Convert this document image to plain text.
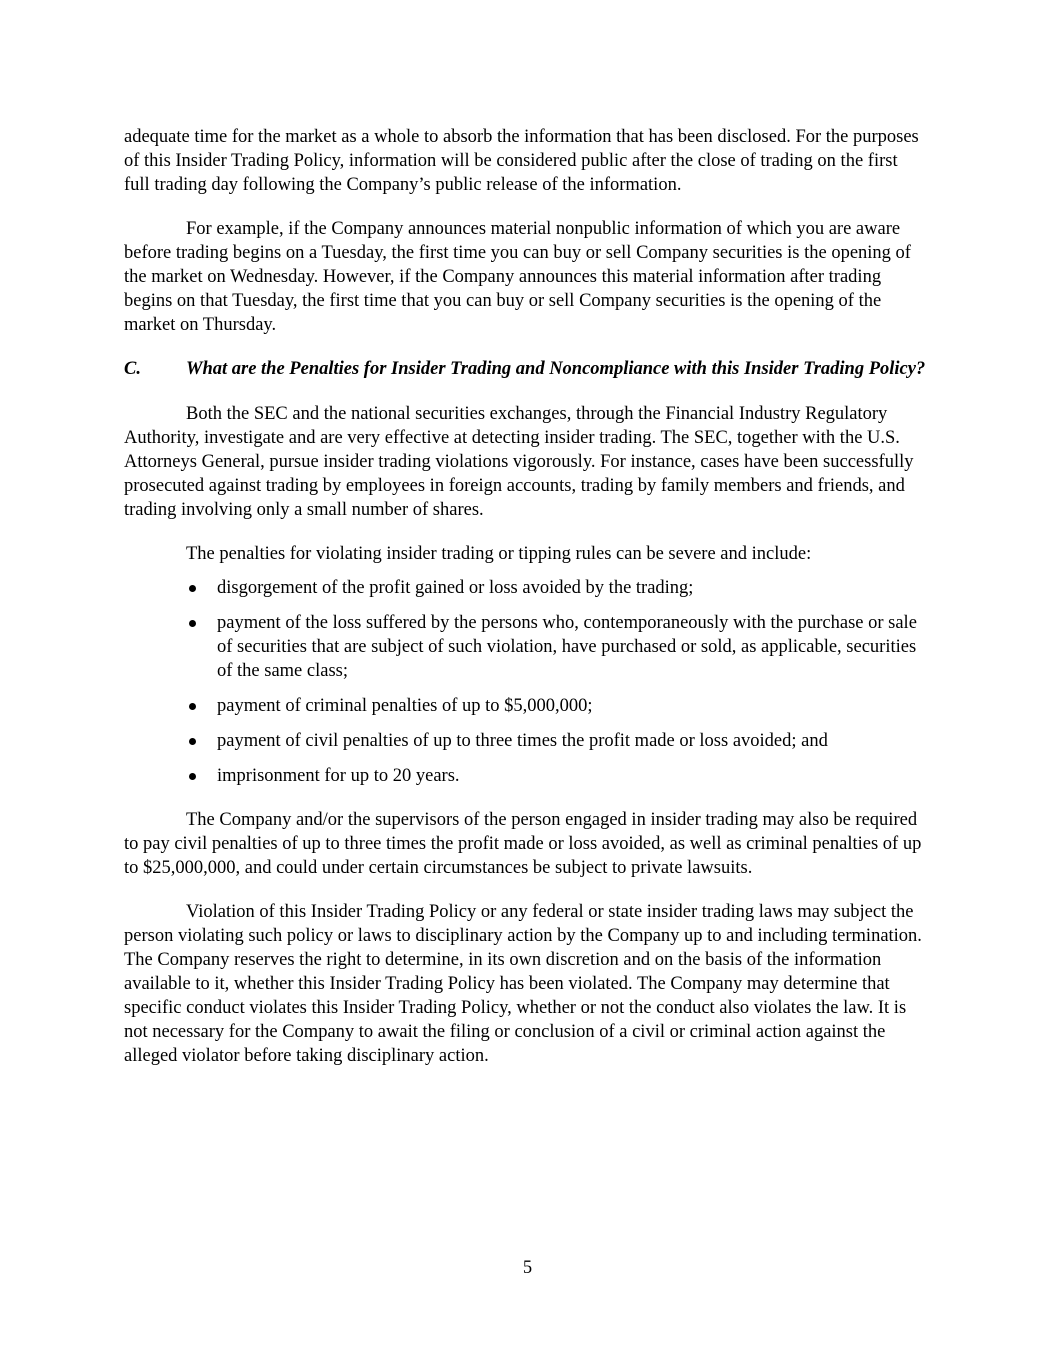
adequate time for the market as a whole to absorb the information that has been disclosed. For the purposes of this Insider Trading Policy, information will be considered public after the close of trading on the first full trading day following the Company’s public release of the information.

For example, if the Company announces material nonpublic information of which you are aware before trading begins on a Tuesday, the first time you can buy or sell Company securities is the opening of the market on Wednesday. However, if the Company announces this material information after trading begins on that Tuesday, the first time that you can buy or sell Company securities is the opening of the market on Thursday.

C.	What are the Penalties for Insider Trading and Noncompliance with this Insider Trading Policy?

Both the SEC and the national securities exchanges, through the Financial Industry Regulatory Authority, investigate and are very effective at detecting insider trading. The SEC, together with the U.S. Attorneys General, pursue insider trading violations vigorously. For instance, cases have been successfully prosecuted against trading by employees in foreign accounts, trading by family members and friends, and trading involving only a small number of shares.

The penalties for violating insider trading or tipping rules can be severe and include:

disgorgement of the profit gained or loss avoided by the trading;
payment of the loss suffered by the persons who, contemporaneously with the purchase or sale of securities that are subject of such violation, have purchased or sold, as applicable, securities of the same class;
payment of criminal penalties of up to $5,000,000;
payment of civil penalties of up to three times the profit made or loss avoided; and
imprisonment for up to 20 years.

The Company and/or the supervisors of the person engaged in insider trading may also be required to pay civil penalties of up to three times the profit made or loss avoided, as well as criminal penalties of up to $25,000,000, and could under certain circumstances be subject to private lawsuits.

Violation of this Insider Trading Policy or any federal or state insider trading laws may subject the person violating such policy or laws to disciplinary action by the Company up to and including termination. The Company reserves the right to determine, in its own discretion and on the basis of the information available to it, whether this Insider Trading Policy has been violated. The Company may determine that specific conduct violates this Insider Trading Policy, whether or not the conduct also violates the law. It is not necessary for the Company to await the filing or conclusion of a civil or criminal action against the alleged violator before taking disciplinary action.

5
